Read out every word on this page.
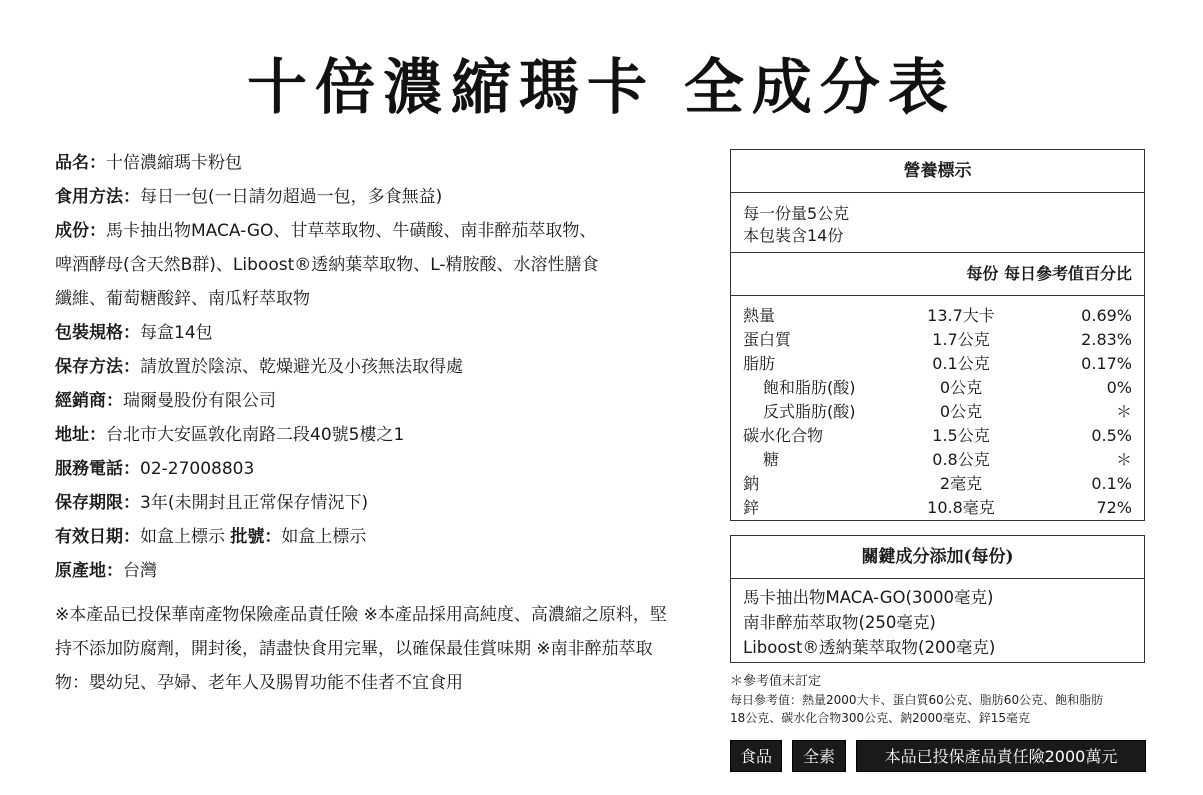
十倍濃縮瑪卡 全成分表
品名：十倍濃縮瑪卡粉包
食用方法：每日一包(一日請勿超過一包，多食無益)
成份：馬卡抽出物MACA-GO、甘草萃取物、牛磺酸、南非醉茄萃取物、
啤酒酵母(含天然B群)、Liboost®透納葉萃取物、L-精胺酸、水溶性膳食
纖維、葡萄糖酸鋅、南瓜籽萃取物
包裝規格：每盒14包
保存方法：請放置於陰涼、乾燥避光及小孩無法取得處
經銷商：瑞爾曼股份有限公司
地址：台北市大安區敦化南路二段40號5樓之1
服務電話：02-27008803
保存期限：3年(未開封且正常保存情況下)
有效日期：如盒上標示 批號：如盒上標示
原產地：台灣
※本產品已投保華南產物保險產品責任險 ※本產品採用高純度、高濃縮之原料，堅持不添加防腐劑，開封後，請盡快食用完畢，以確保最佳賞味期 ※南非醉茄萃取物：嬰幼兒、孕婦、老年人及腸胃功能不佳者不宜食用
營養標示
每一份量5公克
本包裝含14份
每份 每日參考值百分比
熱量	13.7大卡	0.69%
蛋白質	1.7公克	2.83%
脂肪	0.1公克	0.17%
飽和脂肪(酸)	0公克	0%
反式脂肪(酸)	0公克	＊
碳水化合物	1.5公克	0.5%
糖	0.8公克	＊
鈉	2毫克	0.1%
鋅	10.8毫克	72%
關鍵成分添加(每份)
馬卡抽出物MACA-GO(3000毫克)
南非醉茄萃取物(250毫克)
Liboost®透納葉萃取物(200毫克)
＊參考值未訂定
每日參考值：熱量2000大卡、蛋白質60公克、脂肪60公克、飽和脂肪
18公克、碳水化合物300公克、鈉2000毫克、鋅15毫克
食品	全素	本品已投保產品責任險2000萬元
